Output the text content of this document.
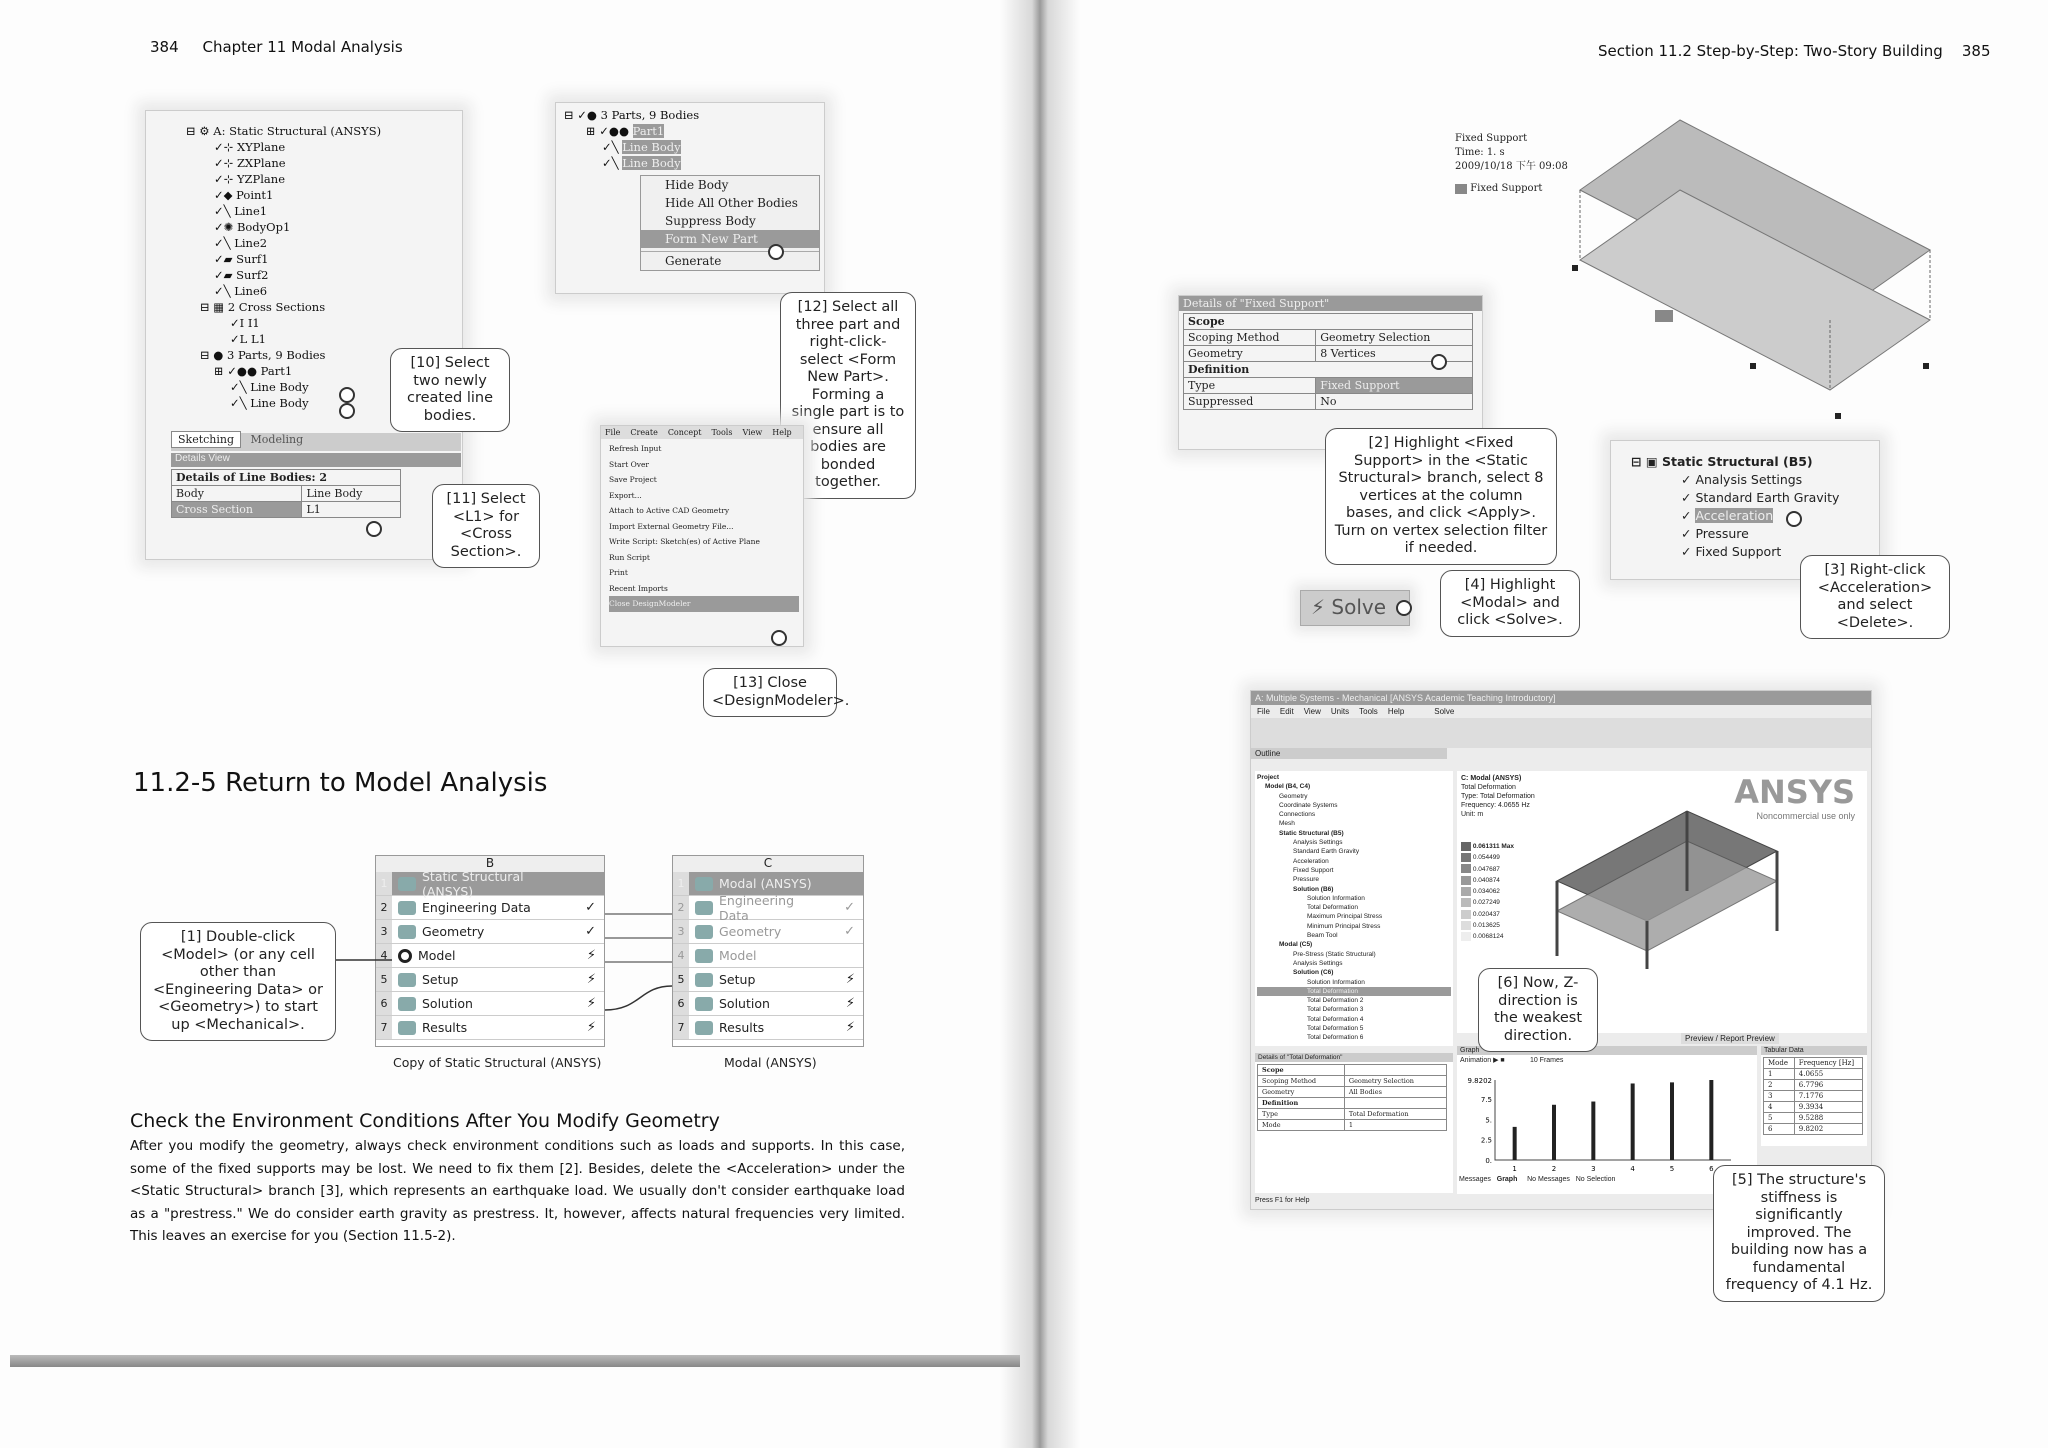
384 Chapter 11 Modal Analysis	Section 11.2 Step-by-Step: Two-Story Building 385
⊟ ⚙ A: Static Structural (ANSYS)
✓⊹ XYPlane
✓⊹ ZXPlane
✓⊹ YZPlane
✓◆ Point1
✓╲ Line1
✓✺ BodyOp1
✓╲ Line2
✓▰ Surf1
✓▰ Surf2
✓╲ Line6
⊟ ▦ 2 Cross Sections
✓I I1
✓L L1
⊟ ● 3 Parts, 9 Bodies
⊞ ✓●● Part1
✓╲ Line Body
✓╲ Line Body
Sketching Modeling
Details View
Details of Line Bodies: 2	
Body	Line Body
Cross Section	L1
[10] Select two newly created line bodies.
[11] Select <L1> for <Cross Section>.
⊟ ✓● 3 Parts, 9 Bodies
⊞ ✓●● Part1
✓╲ Line Body
✓╲ Line Body
Hide Body
Hide All Other Bodies
Suppress Body
Form New Part
Generate
[12] Select all three part and right-click-select <Form New Part>. Forming a single part is to ensure all bodies are bonded together.
File Create Concept Tools View Help
Refresh Input
Start Over
Save Project
Export...
Attach to Active CAD Geometry
Import External Geometry File...
Write Script: Sketch(es) of Active Plane
Run Script
Print
Recent Imports
Close DesignModeler
[13] Close <DesignModeler>.
11.2-5 Return to Model Analysis
[1] Double-click <Model> (or any cell other than <Engineering Data> or <Geometry>) to start up <Mechanical>.
B
1	Static Structural (ANSYS)
2	Engineering Data	✓
3	Geometry	✓
4	Model	⚡
5	Setup	⚡
6	Solution	⚡
7	Results	⚡
Copy of Static Structural (ANSYS)
C
1	Modal (ANSYS)
2	Engineering Data	✓
3	Geometry	✓
4	Model
5	Setup	⚡
6	Solution	⚡
7	Results	⚡
Modal (ANSYS)
Check the Environment Conditions After You Modify Geometry
After you modify the geometry, always check environment conditions such as loads and supports. In this case, some of the fixed supports may be lost. We need to fix them [2]. Besides, delete the <Acceleration> under the <Static Structural> branch [3], which represents an earthquake load. We usually don't consider earthquake load as a "prestress." We do consider earth gravity as prestress. It, however, affects natural frequencies very limited. This leaves an exercise for you (Section 11.5-2).
Fixed Support
Time: 1. s
2009/10/18 下午 09:08
Fixed Support
Details of "Fixed Support"
Scope	
Scoping Method	Geometry Selection
Geometry	8 Vertices
Definition	
Type	Fixed Support
Suppressed	No
[2] Highlight <Fixed Support> in the <Static Structural> branch, select 8 vertices at the column bases, and click <Apply>. Turn on vertex selection filter if needed.
⊟ ▣ Static Structural (B5)
✓ Analysis Settings
✓ Standard Earth Gravity
✓ Acceleration
✓ Pressure
✓ Fixed Support
[3] Right-click <Acceleration> and select <Delete>.
⚡ Solve
[4] Highlight <Modal> and click <Solve>.
A: Multiple Systems - Mechanical [ANSYS Academic Teaching Introductory]
File Edit View Units Tools Help	Solve
Outline
Project
Model (B4, C4)
Geometry
Coordinate Systems
Connections
Mesh
Static Structural (B5)
Analysis Settings
Standard Earth Gravity
Acceleration
Fixed Support
Pressure
Solution (B6)
Solution Information
Total Deformation
Maximum Principal Stress
Minimum Principal Stress
Beam Tool
Modal (C5)
Pre-Stress (Static Structural)
Analysis Settings
Solution (C6)
Solution Information
Total Deformation
Total Deformation 2
Total Deformation 3
Total Deformation 4
Total Deformation 5
Total Deformation 6
C: Modal (ANSYS)
Total Deformation
Type: Total Deformation
Frequency: 4.0655 Hz
Unit: m
0.061311 Max
0.054499
0.047687
0.040874
0.034062
0.027249
0.020437
0.013625
0.0068124
ANSYS
Noncommercial use only
Preview / Report Preview
Details of "Total Deformation"
Scope	
Scoping Method	Geometry Selection
Geometry	All Bodies
Definition	
Type	Total Deformation
Mode	1
Graph
Animation ▶ ■             10 Frames
9.8202
7.5
5.
2.5
0.
1	2	3	4	5	6
Messages Graph No Messages No Selection
Tabular Data
Mode	Frequency [Hz]
1	4.0655
2	6.7796
3	7.1776
4	9.3934
5	9.5288
6	9.8202
Press F1 for Help
[6] Now, Z-direction is the weakest direction.
[5] The structure's stiffness is significantly improved. The building now has a fundamental frequency of 4.1 Hz.
